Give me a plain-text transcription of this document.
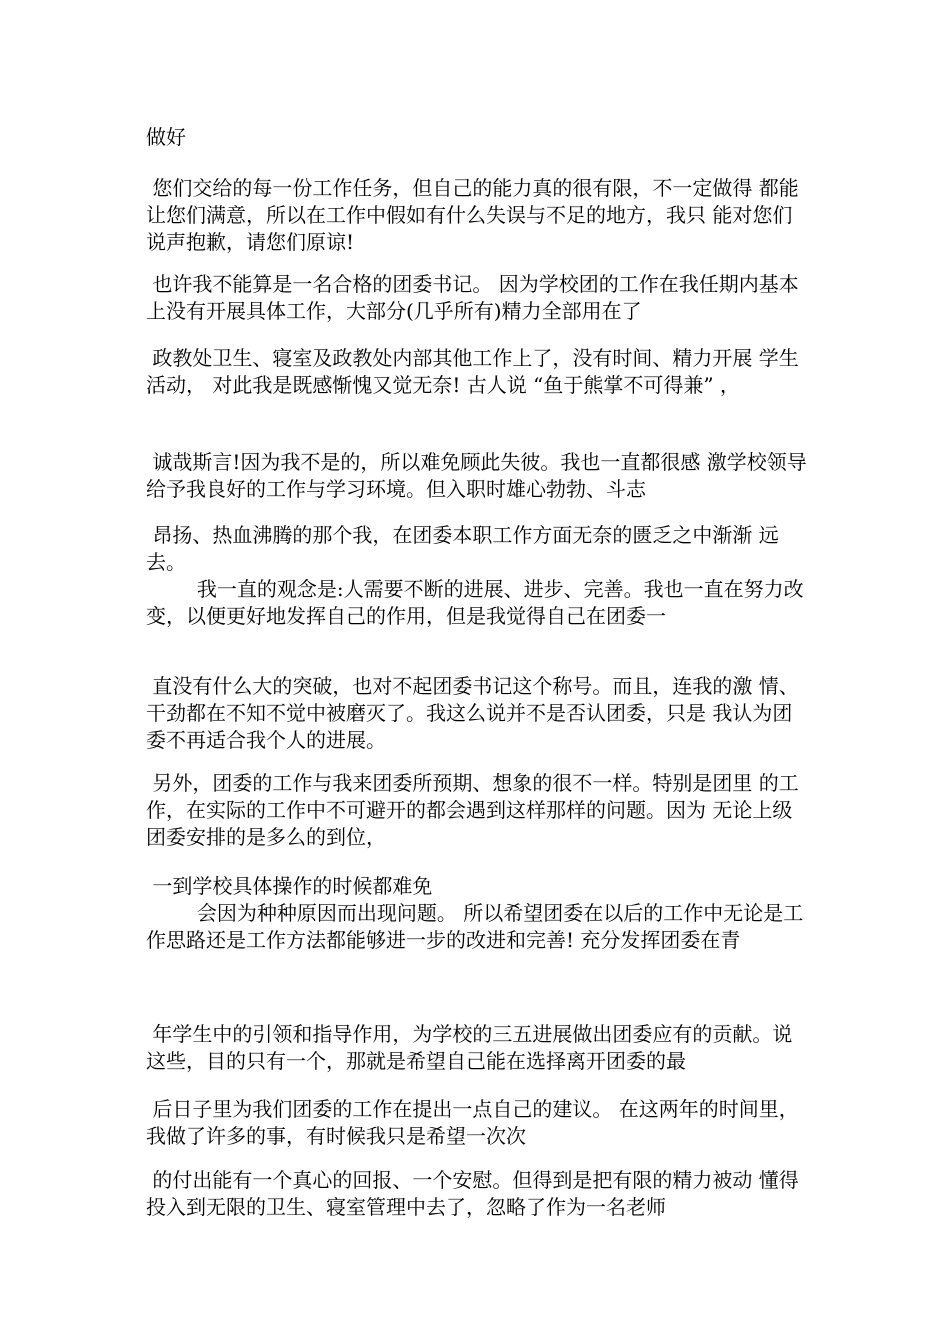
做好

您们交给的每一份工作任务，但自己的能力真的很有限，不一定做得 都能让您们满意，所以在工作中假如有什么失误与不足的地方，我只 能对您们说声抱歉，请您们原谅!

也许我不能算是一名合格的团委书记。 因为学校团的工作在我任期内基本上没有开展具体工作，大部分(几乎所有)精力全部用在了

政教处卫生、寝室及政教处内部其他工作上了，没有时间、精力开展 学生活动， 对此我是既感惭愧又觉无奈! 古人说 “鱼于熊掌不可得兼” ，

诚哉斯言!因为我不是的，所以难免顾此失彼。我也一直都很感 激学校领导给予我良好的工作与学习环境。但入职时雄心勃勃、斗志

昂扬、热血沸腾的那个我，在团委本职工作方面无奈的匮乏之中渐渐 远去。
我一直的观念是:人需要不断的进展、进步、完善。我也一直在努力改变，以便更好地发挥自己的作用，但是我觉得自己在团委一

直没有什么大的突破，也对不起团委书记这个称号。而且，连我的激 情、干劲都在不知不觉中被磨灭了。我这么说并不是否认团委，只是 我认为团委不再适合我个人的进展。

另外，团委的工作与我来团委所预期、想象的很不一样。特别是团里 的工作，在实际的工作中不可避开的都会遇到这样那样的问题。因为 无论上级团委安排的是多么的到位，

一到学校具体操作的时候都难免
会因为种种原因而出现问题。 所以希望团委在以后的工作中无论是工 作思路还是工作方法都能够进一步的改进和完善! 充分发挥团委在青

年学生中的引领和指导作用，为学校的三五进展做出团委应有的贡献。说这些，目的只有一个，那就是希望自己能在选择离开团委的最

后日子里为我们团委的工作在提出一点自己的建议。 在这两年的时间里，我做了许多的事，有时候我只是希望一次次

的付出能有一个真心的回报、一个安慰。但得到是把有限的精力被动 懂得投入到无限的卫生、寝室管理中去了，忽略了作为一名老师
